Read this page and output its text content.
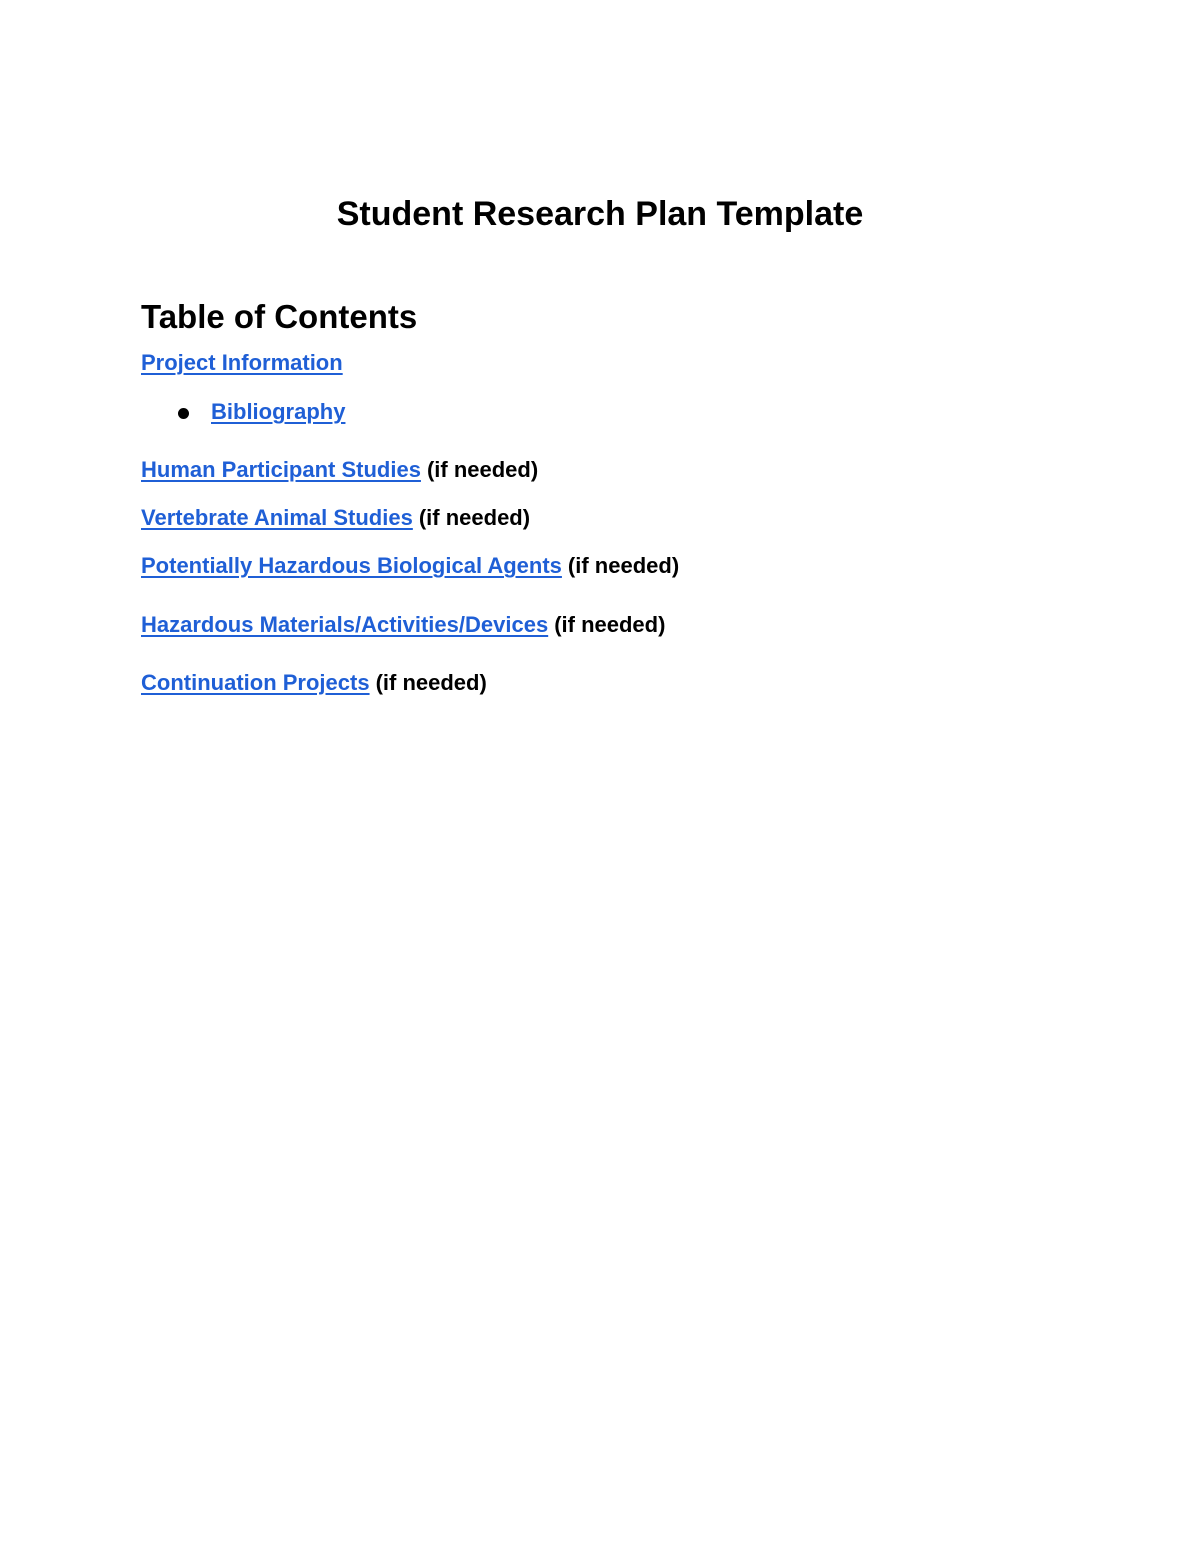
Student Research Plan Template
Table of Contents
Project Information
Bibliography
Human Participant Studies (if needed)
Vertebrate Animal Studies (if needed)
Potentially Hazardous Biological Agents (if needed)
Hazardous Materials/Activities/Devices (if needed)
Continuation Projects (if needed)
